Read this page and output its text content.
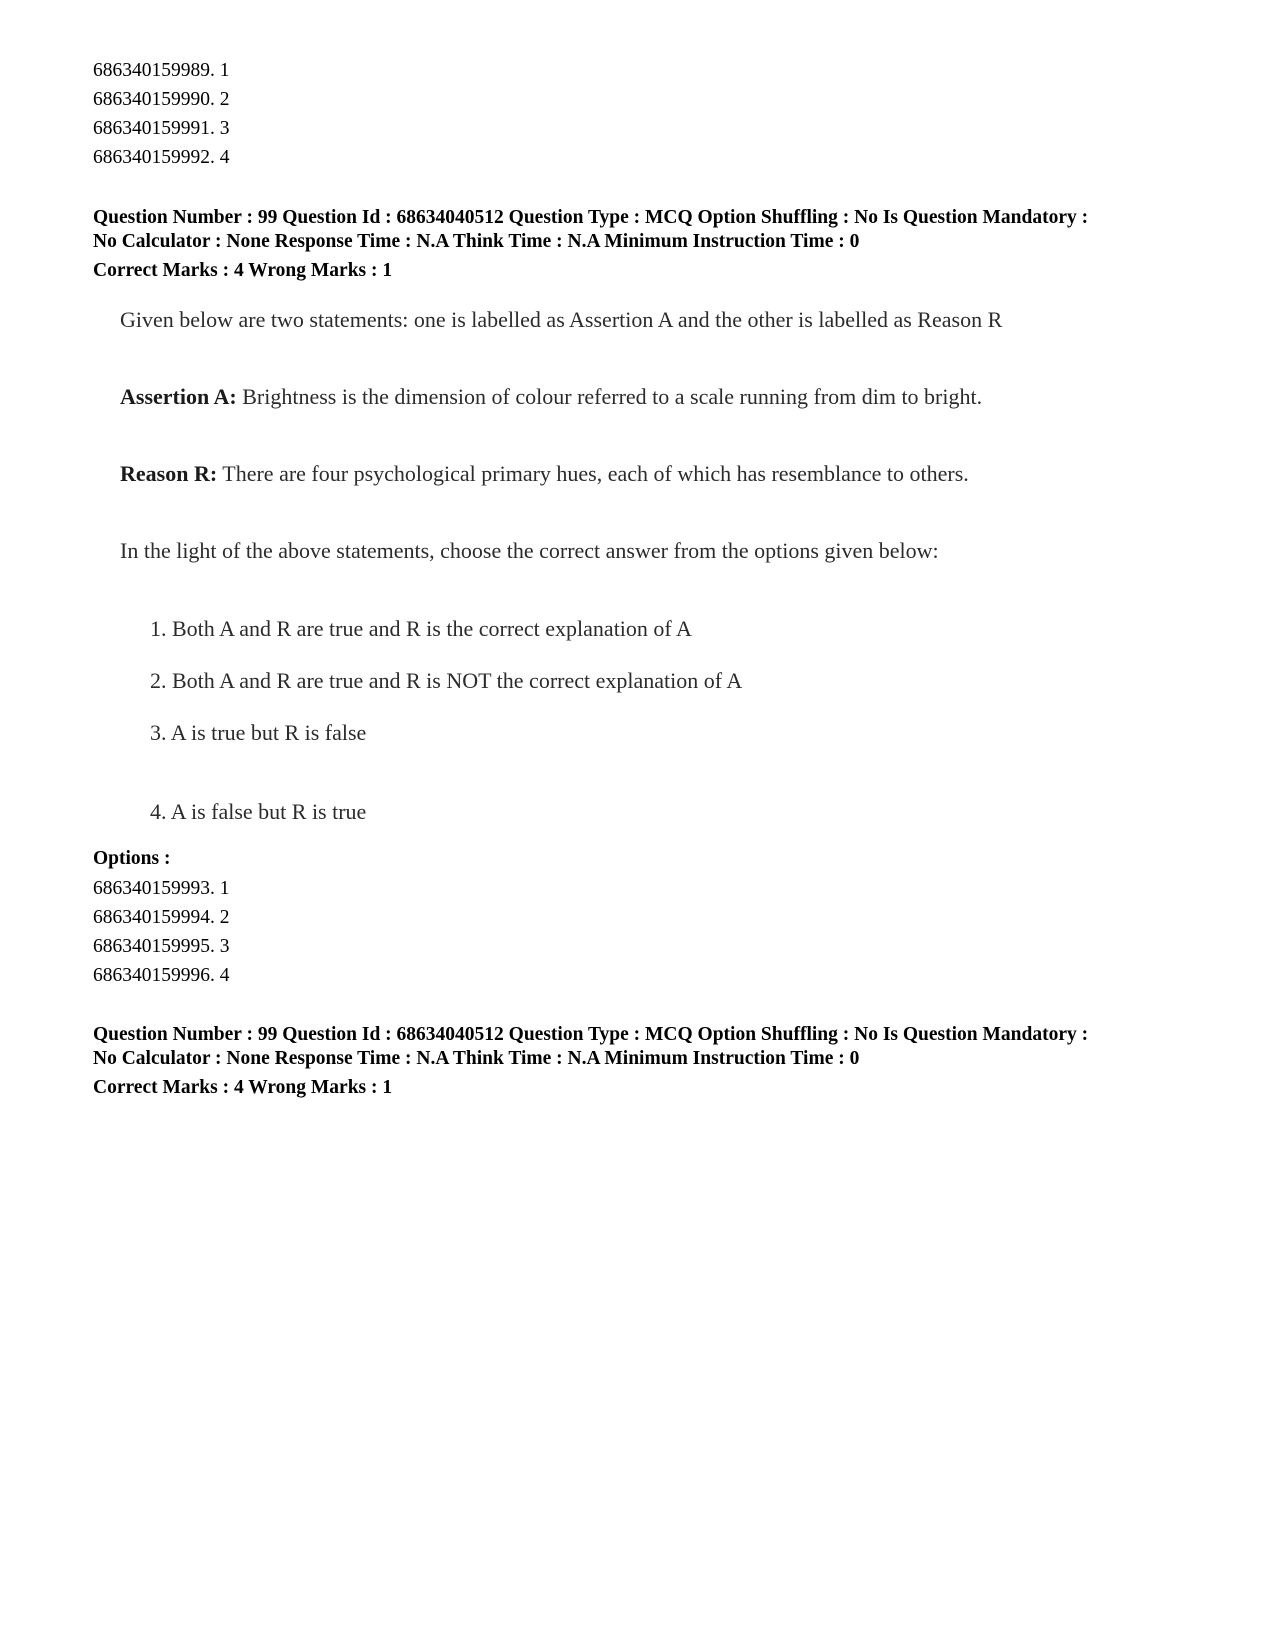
686340159989. 1
686340159990. 2
686340159991. 3
686340159992. 4
Question Number : 99 Question Id : 68634040512 Question Type : MCQ Option Shuffling : No Is Question Mandatory :
No Calculator : None Response Time : N.A Think Time : N.A Minimum Instruction Time : 0
Correct Marks : 4 Wrong Marks : 1
Given below are two statements: one is labelled as Assertion A and the other is labelled as Reason R
Assertion A: Brightness is the dimension of colour referred to a scale running from dim to bright.
Reason R: There are four psychological primary hues, each of which has resemblance to others.
In the light of the above statements, choose the correct answer from the options given below:
1. Both A and R are true and R is the correct explanation of A
2. Both A and R are true and R is NOT the correct explanation of A
3. A is true but R is false
4. A is false but R is true
Options :
686340159993. 1
686340159994. 2
686340159995. 3
686340159996. 4
Question Number : 99 Question Id : 68634040512 Question Type : MCQ Option Shuffling : No Is Question Mandatory :
No Calculator : None Response Time : N.A Think Time : N.A Minimum Instruction Time : 0
Correct Marks : 4 Wrong Marks : 1
